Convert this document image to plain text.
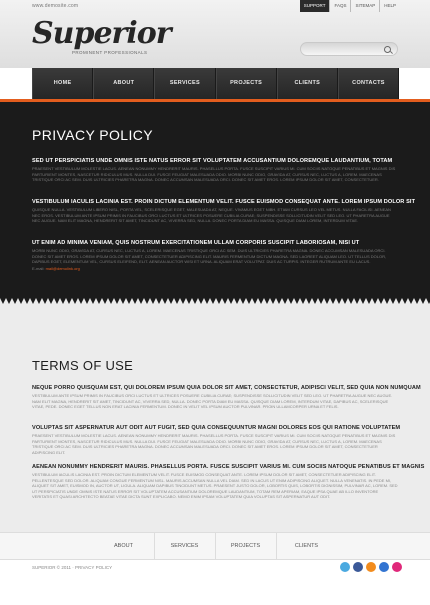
www.demosite.com	SUPPORT	FAQS	SITEMAP	HELP
Superior
PROMINENT PROFESSIONALS
HOME	ABOUT	SERVICES	PROJECTS	CLIENTS	CONTACTS
PRIVACY POLICY
SED UT PERSPICIATIS UNDE OMNIS ISTE NATUS ERROR SIT VOLUPTATEM ACCUSANTIUM DOLOREMQUE LAUDANTIUM, TOTAM

PRAESENT VESTIBULUM MOLESTIE LACUS. AENEAN NONUMMY HENDRERIT MAURIS. PHASELLUS PORTA. FUSCE SUSCIPIT VARIUS MI. CUM SOCIIS NATOQUE PENATIBUS ET MAGNIS DIS PARTURIENT MONTES, NASCETUR RIDICULUS MUS. NULLA DUI. FUSCE FEUGIAT MALESUADA ODIO. MORBI NUNC ODIO, GRAVIDA AT, CURSUS NEC, LUCTUS A, LOREM. MAECENAS TRISTIQUE ORCI AC SEM. DUIS ULTRICIES PHARETRA MAGNA. DONEC ACCUMSAN MALESUADA ORCI. DONEC SIT AMET EROS. LOREM IPSUM DOLOR SIT AMET, CONSECTETUER.

VESTIBULUM IACULIS LACINIA EST. PROIN DICTUM ELEMENTUM VELIT. FUSCE EUISMOD CONSEQUAT ANTE. LOREM IPSUM DOLOR SIT

QUISQUE NULLA. VESTIBULUM LIBERO NISL, PORTA VEL, SCELERISQUE EGET, MALESUADA AT, NEQUE. VIVAMUS EGET NIBH. ETIAM CURSUS LEO VEL METUS. NULLA FACILISI. AENEAN NEC EROS. VESTIBULUM ANTE IPSUM PRIMIS IN FAUCIBUS ORCI LUCTUS ET ULTRICES POSUERE CUBILIA CURAE; SUSPENDISSE SOLLICITUDIN VELIT SED LEO. UT PHARETRA AUGUE NEC AUGUE. NAM ELIT MAGNA, HENDRERIT SIT AMET, TINCIDUNT AC, VIVERRA SED, NULLA. DONEC PORTA DIAM EU MASSA. QUISQUE DIAM LOREM, INTERDUM VITAE.

UT ENIM AD MINIMA VENIAM, QUIS NOSTRUM EXERCITATIONEM ULLAM CORPORIS SUSCIPIT LABORIOSAM, NISI UT

MORBI NUNC ODIO, GRAVIDA AT, CURSUS NEC, LUCTUS A, LOREM. MAECENAS TRISTIQUE ORCI AC SEM. DUIS ULTRICIES PHARETRA MAGNA. DONEC ACCUMSAN MALESUADA ORCI. DONEC SIT AMET EROS. LOREM IPSUM DOLOR SIT AMET, CONSECTETUER ADIPISCING ELIT. MAURIS FERMENTUM DICTUM MAGNA. SED LAOREET ALIQUAM LEO. UT TELLUS DOLOR, DAPIBUS EGET, ELEMENTUM VEL, CURSUS ELEIFEND, ELIT. AENEAN AUCTOR WISI ET URNA. ALIQUAM ERAT VOLUTPAT. DUIS AC TURPIS. INTEGER RUTRUM ANTE EU LACUS.

E-mail: mail@demolink.org
TERMS OF USE
NEQUE PORRO QUISQUAM EST, QUI DOLOREM IPSUM QUIA DOLOR SIT AMET, CONSECTETUR, ADIPISCI VELIT, SED QUIA NON NUMQUAM

VESTIBULUM ANTE IPSUM PRIMIS IN FAUCIBUS ORCI LUCTUS ET ULTRICES POSUERE CUBILIA CURAE; SUSPENDISSE SOLLICITUDIN VELIT SED LEO. UT PHARETRA AUGUE NEC AUGUE. NAM ELIT MAGNA, HENDRERIT SIT AMET, TINCIDUNT AC, VIVERRA SED, NULLA. DONEC PORTA DIAM EU MASSA. QUISQUE DIAM LOREM, INTERDUM VITAE, DAPIBUS AC, SCELERISQUE VITAE, PEDE. DONEC EGET TELLUS NON ERAT LACINIA FERMENTUM. DONEC IN VELIT VEL IPSUM AUCTOR PULVINAR. PROIN ULLAMCORPER URNA ET FELIS.

VOLUPTAS SIT ASPERNATUR AUT ODIT AUT FUGIT, SED QUIA CONSEQUUNTUR MAGNI DOLORES EOS QUI RATIONE VOLUPTATEM

PRAESENT VESTIBULUM MOLESTIE LACUS. AENEAN NONUMMY HENDRERIT MAURIS. PHASELLUS PORTA. FUSCE SUSCIPIT VARIUS MI. CUM SOCIIS NATOQUE PENATIBUS ET MAGNIS DIS PARTURIENT MONTES, NASCETUR RIDICULUS MUS. NULLA DUI. FUSCE FEUGIAT MALESUADA ODIO. MORBI NUNC ODIO, GRAVIDA AT, CURSUS NEC, LUCTUS A, LOREM. MAECENAS TRISTIQUE ORCI AC SEM. DUIS ULTRICIES PHARETRA MAGNA. DONEC ACCUMSAN MALESUADA ORCI. DONEC SIT AMET EROS. LOREM IPSUM DOLOR SIT AMET, CONSECTETUER ADIPISCING ELIT.

AENEAN NONUMMY HENDRERIT MAURIS. PHASELLUS PORTA. FUSCE SUSCIPIT VARIUS MI. CUM SOCIIS NATOQUE PENATIBUS ET MAGNIS

VESTIBULUM IACULIS LACINIA EST. PROIN DICTUM ELEMENTUM VELIT. FUSCE EUISMOD CONSEQUAT ANTE. LOREM IPSUM DOLOR SIT AMET, CONSECTETUER ADIPISCING ELIT. PELLENTESQUE SED DOLOR. ALIQUAM CONGUE FERMENTUM NISL. MAURIS ACCUMSAN NULLA VEL DIAM. SED IN LACUS UT ENIM ADIPISCING ALIQUET. NULLA VENENATIS. IN PEDE MI, ALIQUET SIT AMET, EUISMOD IN, AUCTOR UT, LIGULA. ALIQUAM DAPIBUS TINCIDUNT METUS. PRAESENT JUSTO DOLOR, LOBORTIS QUIS, LOBORTIS DIGNISSIM, PULVINAR AC, LOREM. SED UT PERSPICIATIS UNDE OMNIS ISTE NATUS ERROR SIT VOLUPTATEM ACCUSANTIUM DOLOREMQUE LAUDANTIUM, TOTAM REM APERIAM, EAQUE IPSA QUAE AB ILLO INVENTORE VERITATIS ET QUASI ARCHITECTO BEATAE VITAE DICTA SUNT EXPLICABO. NEMO ENIM IPSAM VOLUPTATEM QUIA VOLUPTAS SIT ASPERNATUR AUT ODIT.

ABOUT	SERVICES	PROJECTS	CLIENTS
SUPERIOR © 2011 · PRIVACY POLICY
